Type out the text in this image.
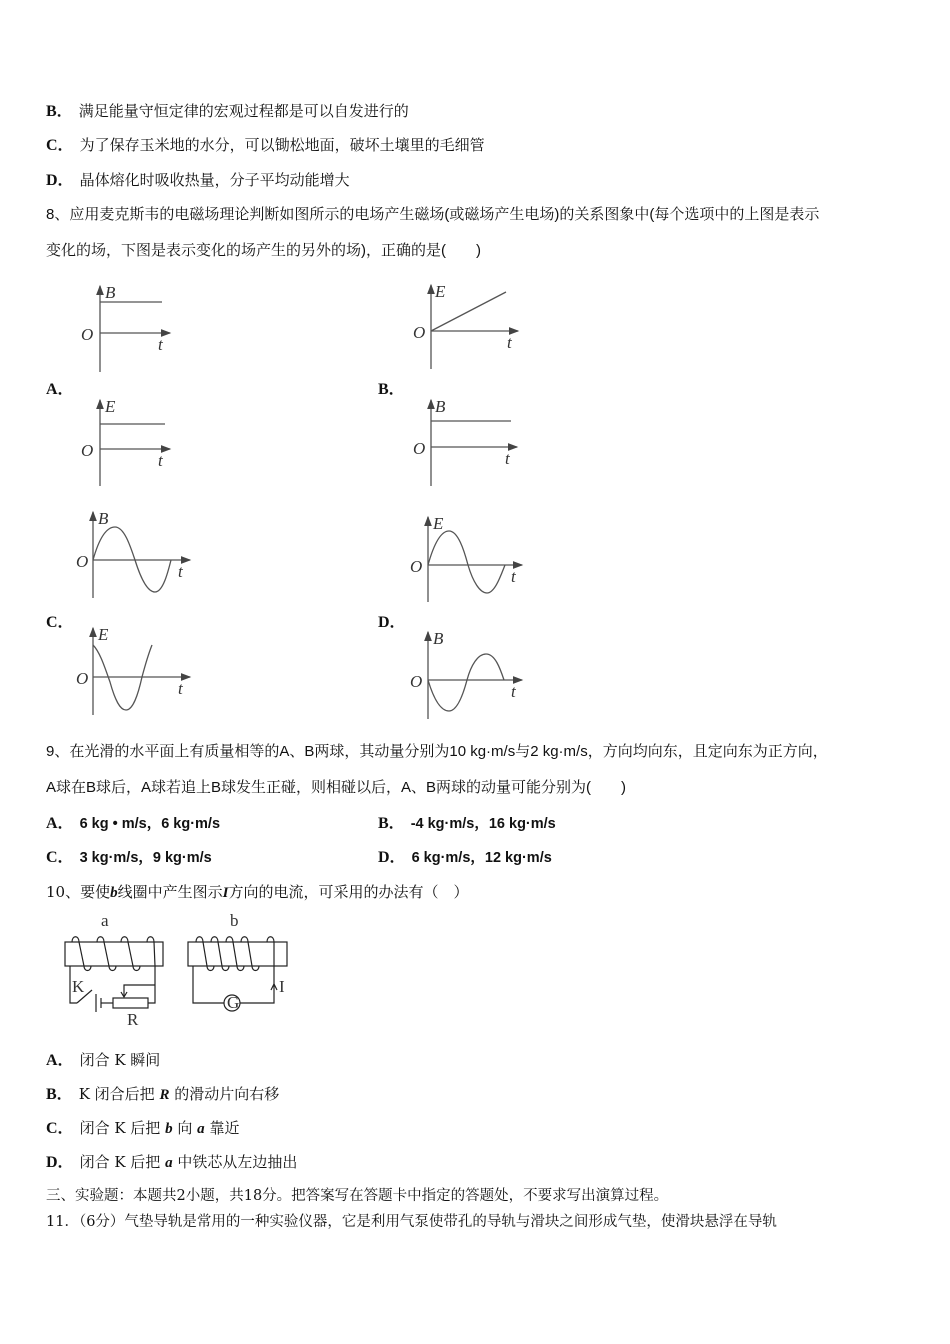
B． 满足能量守恒定律的宏观过程都是可以自发进行的
C． 为了保存玉米地的水分，可以锄松地面，破坏土壤里的毛细管
D． 晶体熔化时吸收热量，分子平均动能增大
8、应用麦克斯韦的电磁场理论判断如图所示的电场产生磁场(或磁场产生电场)的关系图象中(每个选项中的上图是表示
变化的场，下图是表示变化的场产生的另外的场)，正确的是(　　)
B
O
t
E
O
t
E
O
t
B
O
t
B
O
t
E
O
t
E
O
t
B
O
t
A．	B．
C．	D．
9、在光滑的水平面上有质量相等的A、B两球，其动量分别为10 kg·m/s与2 kg·m/s，方向均向东，且定向东为正方向，
A球在B球后，A球若追上B球发生正碰，则相碰以后，A、B两球的动量可能分别为(　　)
A． 6 kg • m/s，6 kg·m/s	B． -4 kg·m/s，16 kg·m/s
C． 3 kg·m/s，9 kg·m/s	D． 6 kg·m/s，12 kg·m/s
10、要使b线圈中产生图示I方向的电流，可采用的办法有（　）
a	b
K
R
G
I
A． 闭合 K 瞬间
B． K 闭合后把 R 的滑动片向右移
C． 闭合 K 后把 b 向 a 靠近
D． 闭合 K 后把 a 中铁芯从左边抽出
三、实验题：本题共2小题，共18分。把答案写在答题卡中指定的答题处，不要求写出演算过程。
11．（6分）气垫导轨是常用的一种实验仪器，它是利用气泵使带孔的导轨与滑块之间形成气垫，使滑块悬浮在导轨
